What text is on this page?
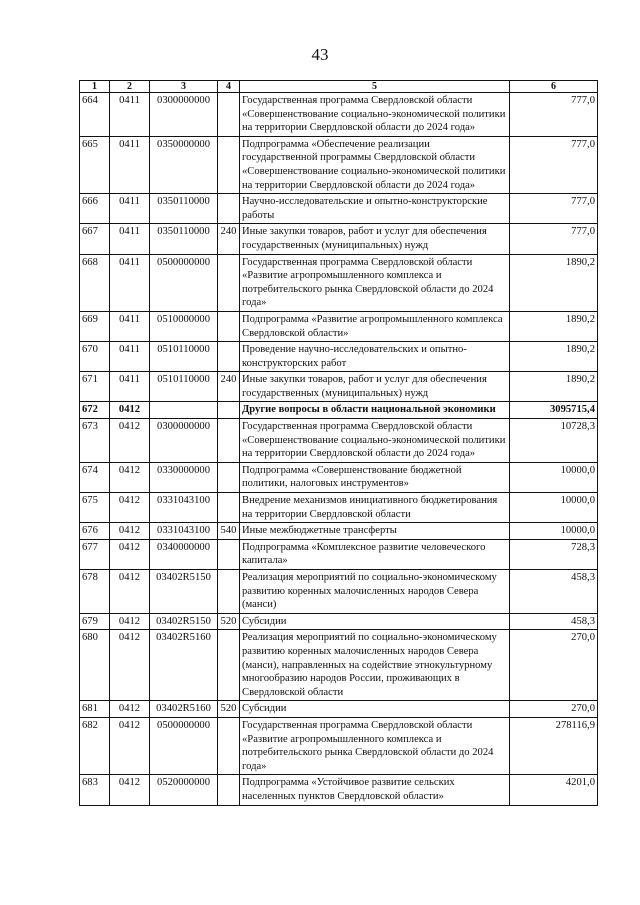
43
1	2	3	4	5	6
664	0411	0300000000		Государственная программа Свердловской области «Совершенствование социально-экономической политики на территории Свердловской области до 2024 года»	777,0
665	0411	0350000000		Подпрограмма «Обеспечение реализации государственной программы Свердловской области «Совершенствование социально-экономической политики на территории Свердловской области до 2024 года»	777,0
666	0411	0350110000		Научно-исследовательские и опытно-конструкторские работы	777,0
667	0411	0350110000	240	Иные закупки товаров, работ и услуг для обеспечения государственных (муниципальных) нужд	777,0
668	0411	0500000000		Государственная программа Свердловской области «Развитие агропромышленного комплекса и потребительского рынка Свердловской области до 2024 года»	1890,2
669	0411	0510000000		Подпрограмма «Развитие агропромышленного комплекса Свердловской области»	1890,2
670	0411	0510110000		Проведение научно-исследовательских и опытно-конструкторских работ	1890,2
671	0411	0510110000	240	Иные закупки товаров, работ и услуг для обеспечения государственных (муниципальных) нужд	1890,2
672	0412			Другие вопросы в области национальной экономики	3095715,4
673	0412	0300000000		Государственная программа Свердловской области «Совершенствование социально-экономической политики на территории Свердловской области до 2024 года»	10728,3
674	0412	0330000000		Подпрограмма «Совершенствование бюджетной политики, налоговых инструментов»	10000,0
675	0412	0331043100		Внедрение механизмов инициативного бюджетирования на территории Свердловской области	10000,0
676	0412	0331043100	540	Иные межбюджетные трансферты	10000,0
677	0412	0340000000		Подпрограмма «Комплексное развитие человеческого капитала»	728,3
678	0412	03402R5150		Реализация мероприятий по социально-экономическому развитию коренных малочисленных народов Севера (манси)	458,3
679	0412	03402R5150	520	Субсидии	458,3
680	0412	03402R5160		Реализация мероприятий по социально-экономическому развитию коренных малочисленных народов Севера (манси), направленных на содействие этнокультурному многообразию народов России, проживающих в Свердловской области	270,0
681	0412	03402R5160	520	Субсидии	270,0
682	0412	0500000000		Государственная программа Свердловской области «Развитие агропромышленного комплекса и потребительского рынка Свердловской области до 2024 года»	278116,9
683	0412	0520000000		Подпрограмма «Устойчивое развитие сельских населенных пунктов Свердловской области»	4201,0
